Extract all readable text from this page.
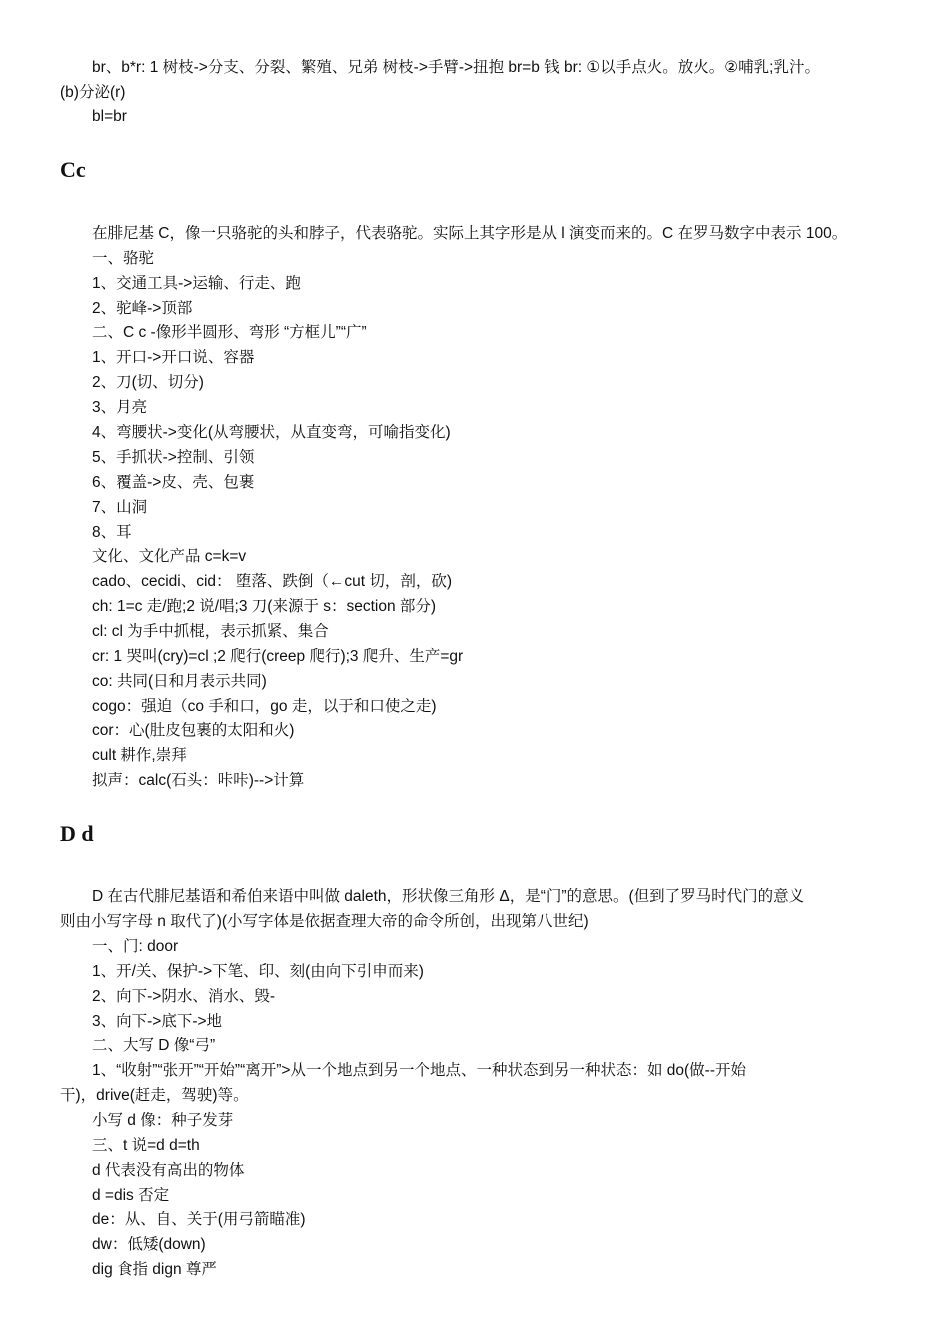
br、b*r: 1 树枝->分支、分裂、繁殖、兄弟 树枝->手臂->扭抱 br=b 钱 br: ①以手点火。放火。②哺乳;乳汁。
(b)分泌(r)
bl=br
Cc
在腓尼基 C，像一只骆驼的头和脖子，代表骆驼。实际上其字形是从 l 演变而来的。C 在罗马数字中表示 100。
一、骆驼
1、交通工具->运输、行走、跑
2、驼峰->顶部
二、C c -像形半圆形、弯形 “方框儿”“广”
1、开口->开口说、容器
2、刀(切、切分)
3、月亮
4、弯腰状->变化(从弯腰状，从直变弯，可喻指变化)
5、手抓状->控制、引领
6、覆盖->皮、壳、包裹
7、山洞
8、耳
文化、文化产品 c=k=v
cado、cecidi、cid： 堕落、跌倒（←cut 切，剖，砍)
ch: 1=c 走/跑;2 说/唱;3 刀(来源于 s：section 部分)
cl: cl 为手中抓棍，表示抓紧、集合
cr: 1 哭叫(cry)=cl ;2 爬行(creep 爬行);3 爬升、生产=gr
co: 共同(日和月表示共同)
cogo：强迫（co 手和口，go 走，以于和口使之走)
cor：心(肚皮包裹的太阳和火)
cult 耕作,崇拜
拟声：calc(石头：咔咔)-->计算
D d
D 在古代腓尼基语和希伯来语中叫做 daleth，形状像三角形 Δ，是“门”的意思。(但到了罗马时代门的意义
则由小写字母 n 取代了)(小写字体是依据查理大帝的命令所创，出现第八世纪)
一、门: door
1、开/关、保护->下笔、印、刻(由向下引申而来)
2、向下->阴水、消水、毁-
3、向下->底下->地
二、大写 D 像“弓”
1、“收射”“张开”“开始”“离开”>从一个地点到另一个地点、一种状态到另一种状态：如 do(做--开始
干)，drive(赶走，驾驶)等。
小写 d 像：种子发芽
三、t 说=d d=th
d 代表没有高出的物体
d =dis 否定
de：从、自、关于(用弓箭瞄准)
dw：低矮(down)
dig 食指 dign 尊严
